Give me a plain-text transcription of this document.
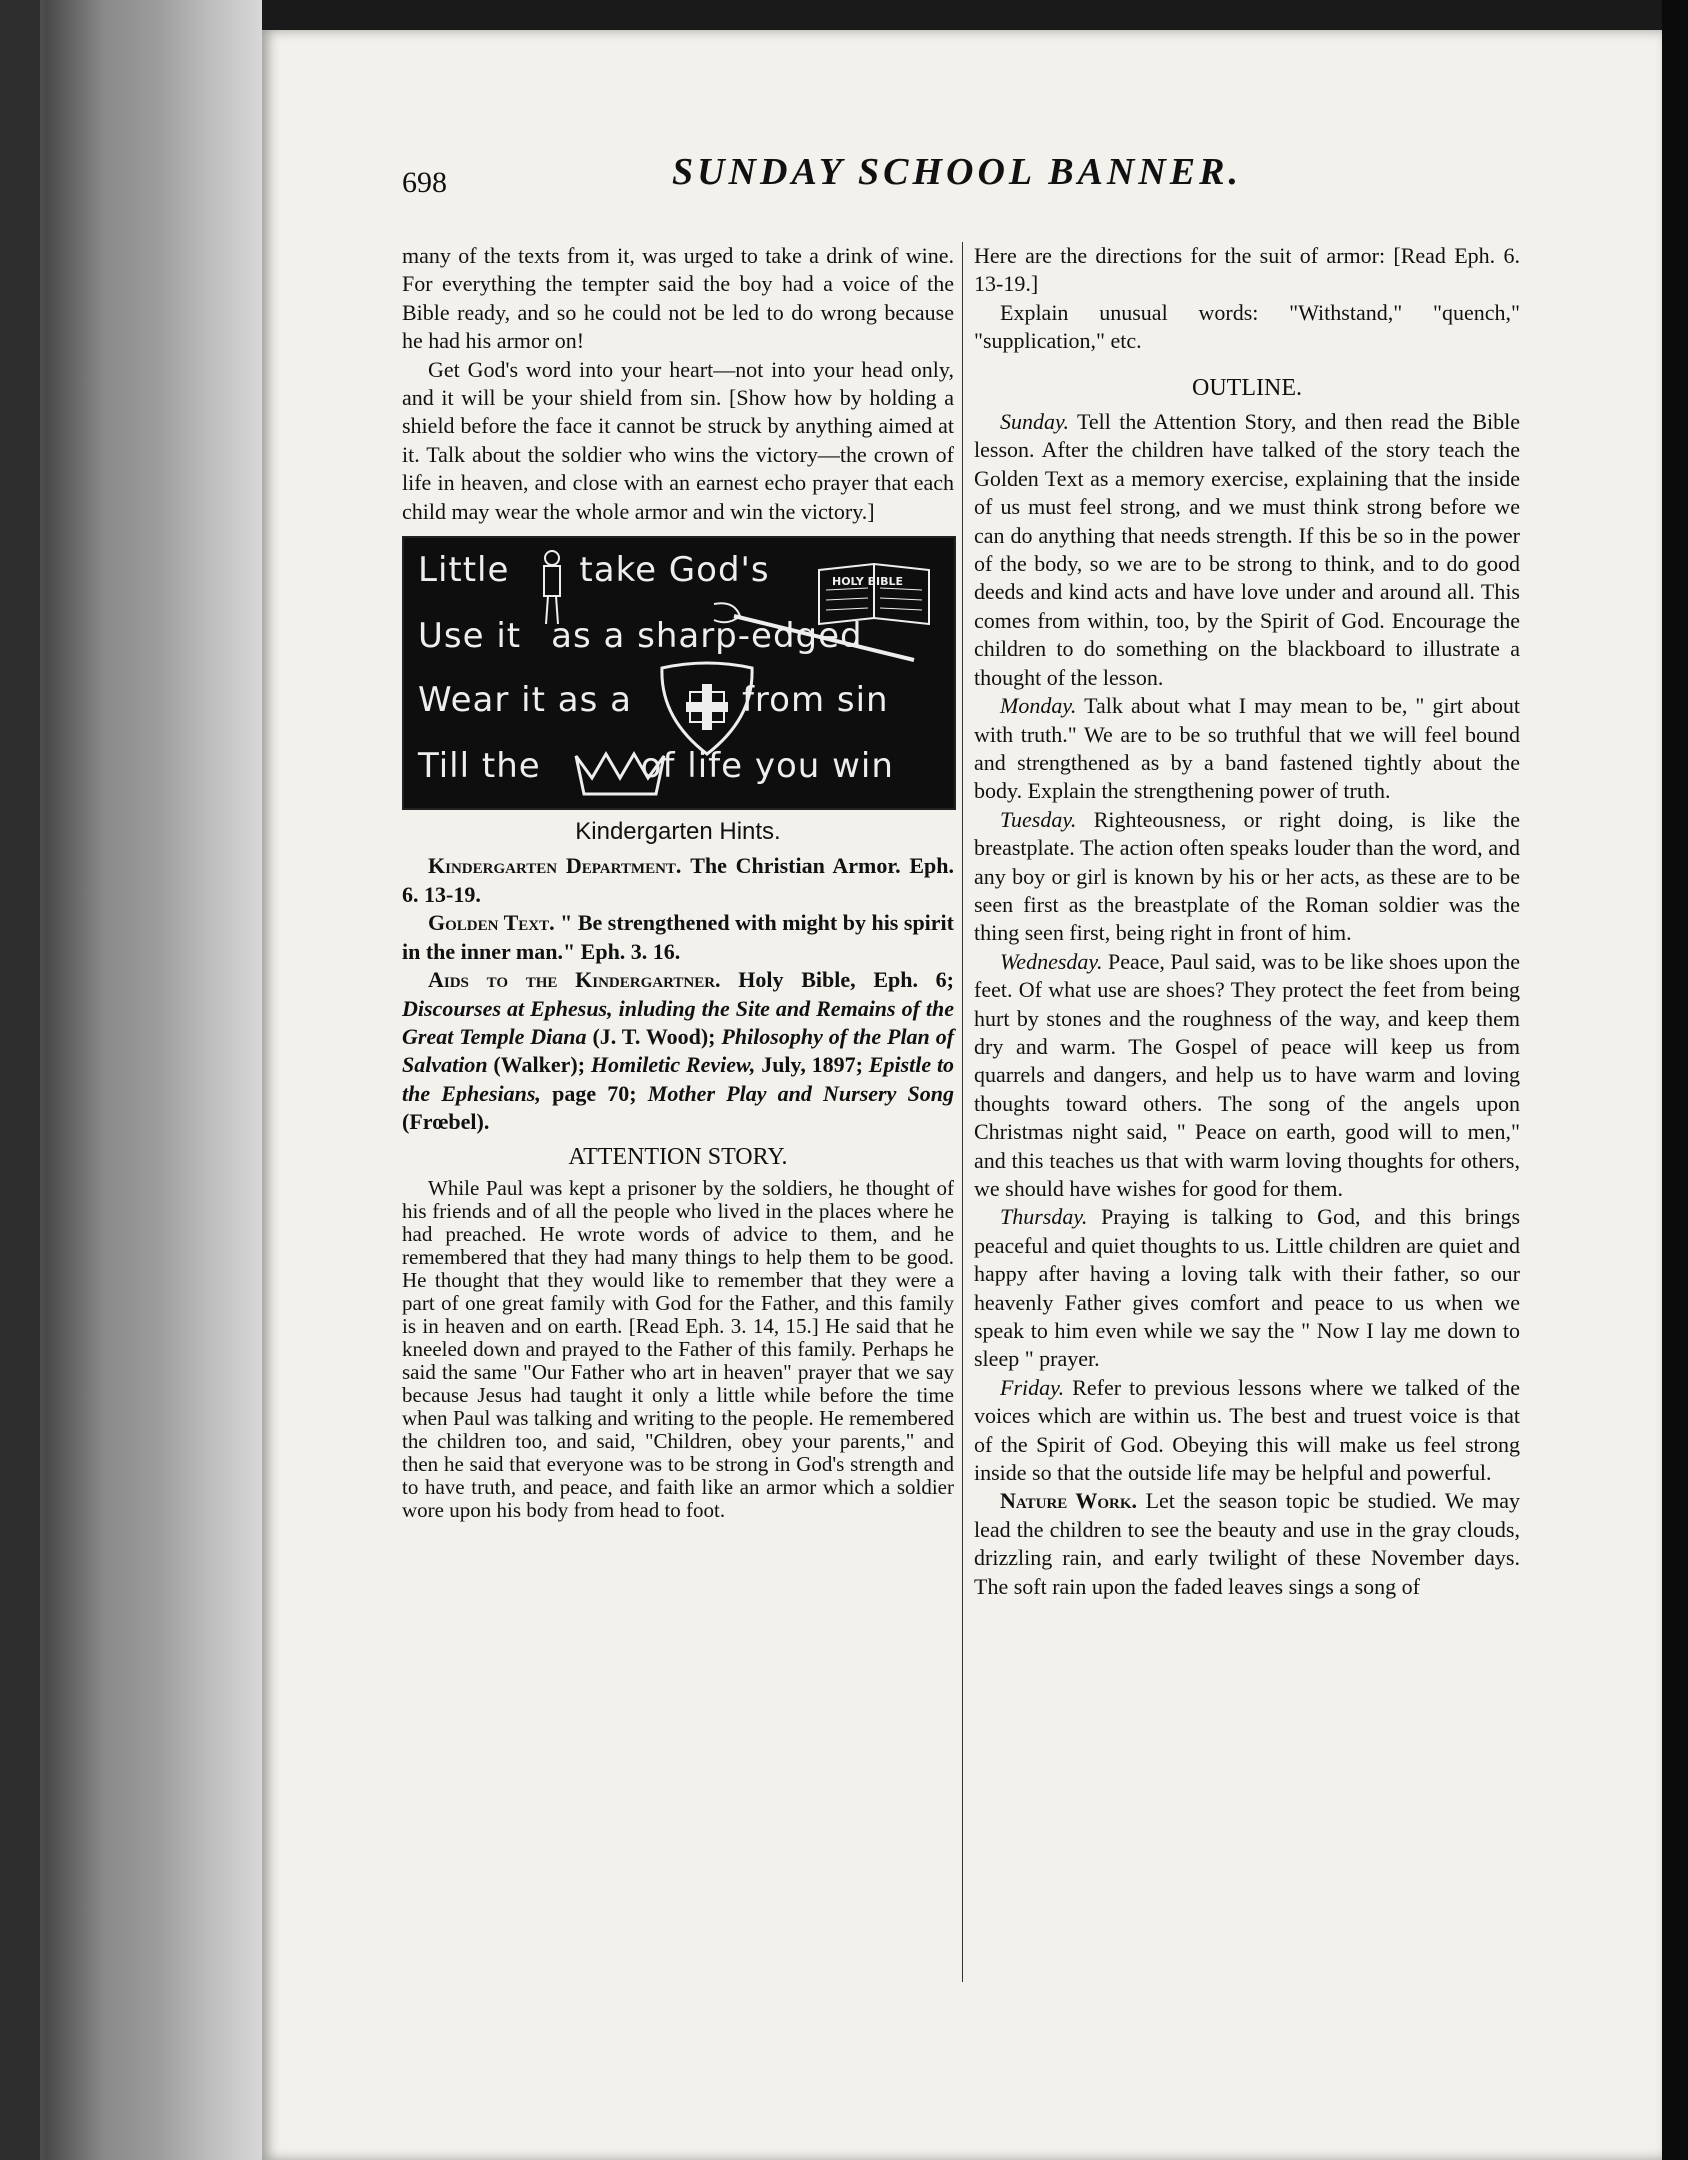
698	SUNDAY SCHOOL BANNER.

many of the texts from it, was urged to take a drink of wine. For everything the tempter said the boy had a voice of the Bible ready, and so he could not be led to do wrong because he had his armor on!

Get God's word into your heart—not into your head only, and it will be your shield from sin. [Show how by holding a shield before the face it cannot be struck by anything aimed at it. Talk about the soldier who wins the victory—the crown of life in heaven, and close with an earnest echo prayer that each child may wear the whole armor and win the victory.]

Little take God's	HOLY BIBLE
Use it as a sharp-edged
Wear it as a	from sin
Till the	of life you win
Kindergarten Hints.

Kindergarten Department. The Christian Armor. Eph. 6. 13-19.

Golden Text. " Be strengthened with might by his spirit in the inner man." Eph. 3. 16.

Aids to the Kindergartner. Holy Bible, Eph. 6; Discourses at Ephesus, inluding the Site and Remains of the Great Temple Diana (J. T. Wood); Philosophy of the Plan of Salvation (Walker); Homiletic Review, July, 1897; Epistle to the Ephesians, page 70; Mother Play and Nursery Song (Frœbel).

ATTENTION STORY.

While Paul was kept a prisoner by the soldiers, he thought of his friends and of all the people who lived in the places where he had preached. He wrote words of advice to them, and he remembered that they had many things to help them to be good. He thought that they would like to remember that they were a part of one great family with God for the Father, and this family is in heaven and on earth. [Read Eph. 3. 14, 15.] He said that he kneeled down and prayed to the Father of this family. Perhaps he said the same "Our Father who art in heaven" prayer that we say because Jesus had taught it only a little while before the time when Paul was talking and writing to the people. He remembered the children too, and said, "Children, obey your parents," and then he said that everyone was to be strong in God's strength and to have truth, and peace, and faith like an armor which a soldier wore upon his body from head to foot.

Here are the directions for the suit of armor: [Read Eph. 6. 13-19.]

Explain unusual words: "Withstand," "quench," "supplication," etc.

OUTLINE.

Sunday. Tell the Attention Story, and then read the Bible lesson. After the children have talked of the story teach the Golden Text as a memory exercise, explaining that the inside of us must feel strong, and we must think strong before we can do anything that needs strength. If this be so in the power of the body, so we are to be strong to think, and to do good deeds and kind acts and have love under and around all. This comes from within, too, by the Spirit of God. Encourage the children to do something on the blackboard to illustrate a thought of the lesson.

Monday. Talk about what I may mean to be, " girt about with truth." We are to be so truthful that we will feel bound and strengthened as by a band fastened tightly about the body. Explain the strengthening power of truth.

Tuesday. Righteousness, or right doing, is like the breastplate. The action often speaks louder than the word, and any boy or girl is known by his or her acts, as these are to be seen first as the breastplate of the Roman soldier was the thing seen first, being right in front of him.

Wednesday. Peace, Paul said, was to be like shoes upon the feet. Of what use are shoes? They protect the feet from being hurt by stones and the roughness of the way, and keep them dry and warm. The Gospel of peace will keep us from quarrels and dangers, and help us to have warm and loving thoughts toward others. The song of the angels upon Christmas night said, " Peace on earth, good will to men," and this teaches us that with warm loving thoughts for others, we should have wishes for good for them.

Thursday. Praying is talking to God, and this brings peaceful and quiet thoughts to us. Little children are quiet and happy after having a loving talk with their father, so our heavenly Father gives comfort and peace to us when we speak to him even while we say the " Now I lay me down to sleep " prayer.

Friday. Refer to previous lessons where we talked of the voices which are within us. The best and truest voice is that of the Spirit of God. Obeying this will make us feel strong inside so that the outside life may be helpful and powerful.

Nature Work. Let the season topic be studied. We may lead the children to see the beauty and use in the gray clouds, drizzling rain, and early twilight of these November days. The soft rain upon the faded leaves sings a song of
